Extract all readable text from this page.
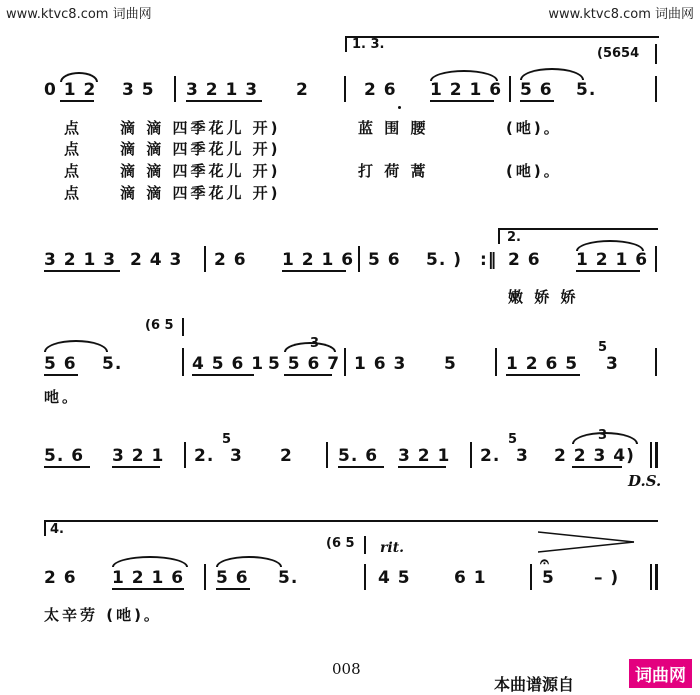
www.ktvc8.com 词曲网	www.ktvc8.com 词曲网
1. 3.
(5654
0 1 2 3 5 3 2 1 3 2	2 6 1 2 1 6 5 6 5.
点	滴 滴 四季花儿 开)	蓝 围 腰	(吔)。
点	滴 滴 四季花儿 开)
点	滴 滴 四季花儿 开)	打 荷 蒿	(吔)。
点	滴 滴 四季花儿 开)
2.
3 2 1 3 2 4 3 2 6 1 2 1 6 5 6 5. ) :‖ 2 6 1 2 1 6
嫩 娇 娇
(6 5
5 6 5.	4 5 6 1 5 5 6 7
3
1 6 3 5	1 2 6 5
5
3
吔。
5. 6 3 2 1 2.
5
3 2	5. 6 3 2 1 2.
5
3
3
2 2 3 4)
D.S.
4.
(6 5 rit.
2 6 1 2 1 6 5 6 5.	4 5	6 1
𝄐
5 – )
太辛劳 (吔)。
008
本曲谱源自	词曲网
